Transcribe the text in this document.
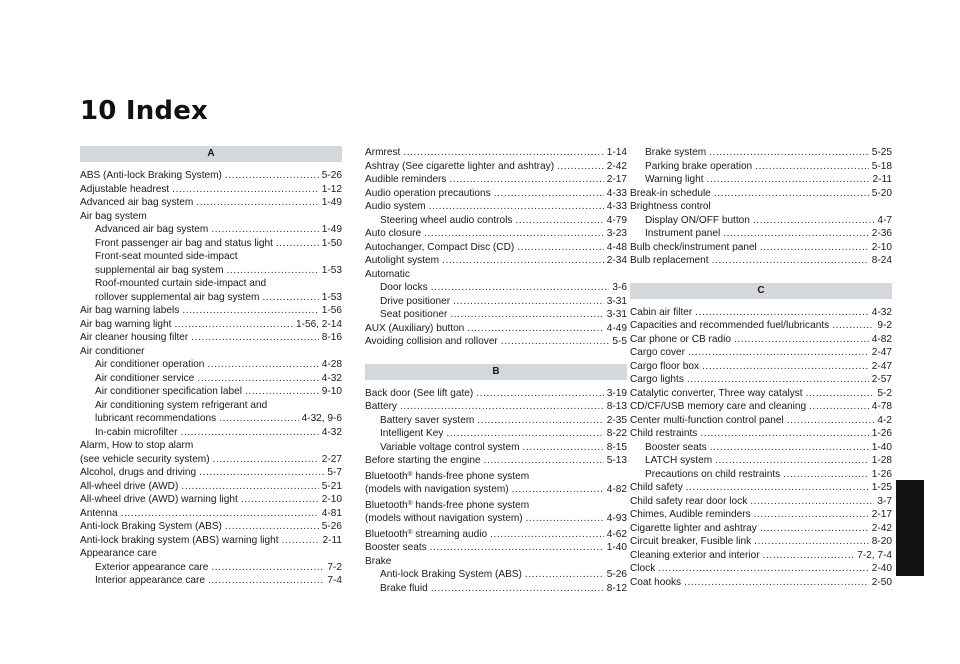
10 Index
A
ABS (Anti-lock Braking System) .....	5-26
Adjustable headrest .....	1-12
Advanced air bag system .....	1-49
Air bag system
Advanced air bag system .....	1-49
Front passenger air bag and status light .....	1-50
Front-seat mounted side-impact
supplemental air bag system .....	1-53
Roof-mounted curtain side-impact and
rollover supplemental air bag system .....	1-53
Air bag warning labels .....	1-56
Air bag warning light .....	1-56, 2-14
Air cleaner housing filter .....	8-16
Air conditioner
Air conditioner operation .....	4-28
Air conditioner service .....	4-32
Air conditioner specification label .....	9-10
Air conditioning system refrigerant and
lubricant recommendations .....	4-32, 9-6
In-cabin microfilter .....	4-32
Alarm, How to stop alarm
(see vehicle security system) .....	2-27
Alcohol, drugs and driving .....	5-7
All-wheel drive (AWD) .....	5-21
All-wheel drive (AWD) warning light .....	2-10
Antenna .....	4-81
Anti-lock Braking System (ABS) .....	5-26
Anti-lock braking system (ABS) warning light .....	2-11
Appearance care
Exterior appearance care .....	7-2
Interior appearance care .....	7-4
Armrest .....	1-14
Ashtray (See cigarette lighter and ashtray) .....	2-42
Audible reminders .....	2-17
Audio operation precautions .....	4-33
Audio system .....	4-33
Steering wheel audio controls .....	4-79
Auto closure .....	3-23
Autochanger, Compact Disc (CD) .....	4-48
Autolight system .....	2-34
Automatic
Door locks .....	3-6
Drive positioner .....	3-31
Seat positioner .....	3-31
AUX (Auxiliary) button .....	4-49
Avoiding collision and rollover .....	5-5
B
Back door (See lift gate) .....	3-19
Battery .....	8-13
Battery saver system .....	2-35
Intelligent Key .....	8-22
Variable voltage control system .....	8-15
Before starting the engine .....	5-13
Bluetooth® hands-free phone system
(models with navigation system) .....	4-82
Bluetooth® hands-free phone system
(models without navigation system) .....	4-93
Bluetooth® streaming audio .....	4-62
Booster seats .....	1-40
Brake
Anti-lock Braking System (ABS) .....	5-26
Brake fluid .....	8-12
Brake system .....	5-25
Parking brake operation .....	5-18
Warning light .....	2-11
Break-in schedule .....	5-20
Brightness control
Display ON/OFF button .....	4-7
Instrument panel .....	2-36
Bulb check/instrument panel .....	2-10
Bulb replacement .....	8-24
C
Cabin air filter .....	4-32
Capacities and recommended fuel/lubricants .....	9-2
Car phone or CB radio .....	4-82
Cargo cover .....	2-47
Cargo floor box .....	2-47
Cargo lights .....	2-57
Catalytic converter, Three way catalyst .....	5-2
CD/CF/USB memory care and cleaning .....	4-78
Center multi-function control panel .....	4-2
Child restraints .....	1-26
Booster seats .....	1-40
LATCH system .....	1-28
Precautions on child restraints .....	1-26
Child safety .....	1-25
Child safety rear door lock .....	3-7
Chimes, Audible reminders .....	2-17
Cigarette lighter and ashtray .....	2-42
Circuit breaker, Fusible link .....	8-20
Cleaning exterior and interior .....	7-2, 7-4
Clock .....	2-40
Coat hooks .....	2-50
